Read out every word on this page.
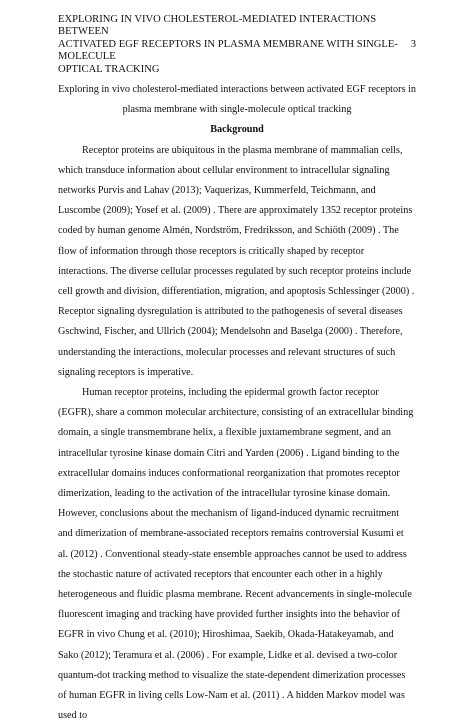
EXPLORING IN VIVO CHOLESTEROL-MEDIATED INTERACTIONS BETWEEN
ACTIVATED EGF RECEPTORS IN PLASMA MEMBRANE WITH SINGLE-MOLECULE
OPTICAL TRACKING
3

Exploring in vivo cholesterol-mediated interactions between activated EGF receptors in
plasma membrane with single-molecule optical tracking

Background

Receptor proteins are ubiquitous in the plasma membrane of mammalian cells, which transduce information about cellular environment to intracellular signaling networks Purvis and Lahav (2013); Vaquerizas, Kummerfeld, Teichmann, and Luscombe (2009); Yosef et al. (2009) . There are approximately 1352 receptor proteins coded by human genome Almén, Nordström, Fredriksson, and Schiöth (2009) . The flow of information through those receptors is critically shaped by receptor interactions. The diverse cellular processes regulated by such receptor proteins include cell growth and division, differentiation, migration, and apoptosis Schlessinger (2000) . Receptor signaling dysregulation is attributed to the pathogenesis of several diseases Gschwind, Fischer, and Ullrich (2004); Mendelsohn and Baselga (2000) . Therefore, understanding the interactions, molecular processes and relevant structures of such signaling receptors is imperative.

Human receptor proteins, including the epidermal growth factor receptor (EGFR), share a common molecular architecture, consisting of an extracellular binding domain, a single transmembrane helix, a flexible juxtamembrane segment, and an intracellular tyrosine kinase domain Citri and Yarden (2006) . Ligand binding to the extracellular domains induces conformational reorganization that promotes receptor dimerization, leading to the activation of the intracellular tyrosine kinase domain. However, conclusions about the mechanism of ligand-induced dynamic recruitment and dimerization of membrane-associated receptors remains controversial Kusumi et al. (2012) . Conventional steady-state ensemble approaches cannot be used to address the stochastic nature of activated receptors that encounter each other in a highly heterogeneous and fluidic plasma membrane. Recent advancements in single-molecule fluorescent imaging and tracking have provided further insights into the behavior of EGFR in vivo Chung et al. (2010); Hiroshimaa, Saekib, Okada-Hatakeyamab, and Sako (2012); Teramura et al. (2006) . For example, Lidke et al. devised a two-color quantum-dot tracking method to visualize the state-dependent dimerization processes of human EGFR in living cells Low-Nam et al. (2011) . A hidden Markov model was used to
